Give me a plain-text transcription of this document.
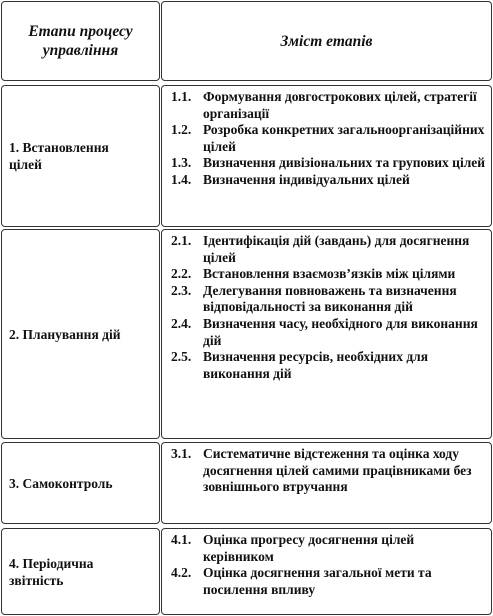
Етапи процесу управління
Зміст етапів
1. Встановлення цілей
1.1. Формування довгострокових цілей, стратегії організації
1.2. Розробка конкретних загальноорганізаційних цілей
1.3. Визначення дивізіональних та групових цілей
1.4. Визначення індивідуальних цілей
2. Планування дій
2.1. Ідентифікація дій (завдань) для досягнення цілей
2.2. Встановлення взаємозв’язків між цілями
2.3. Делегування повноважень та визначення відповідальності за виконання дій
2.4. Визначення часу, необхідного для виконання дій
2.5. Визначення ресурсів, необхідних для виконання дій
3. Самоконтроль
3.1. Систематичне відстеження та оцінка ходу досягнення цілей самими працівниками без зовнішнього втручання
4. Періодична звітність
4.1. Оцінка прогресу досягнення цілей керівником
4.2. Оцінка досягнення загальної мети та посилення впливу
